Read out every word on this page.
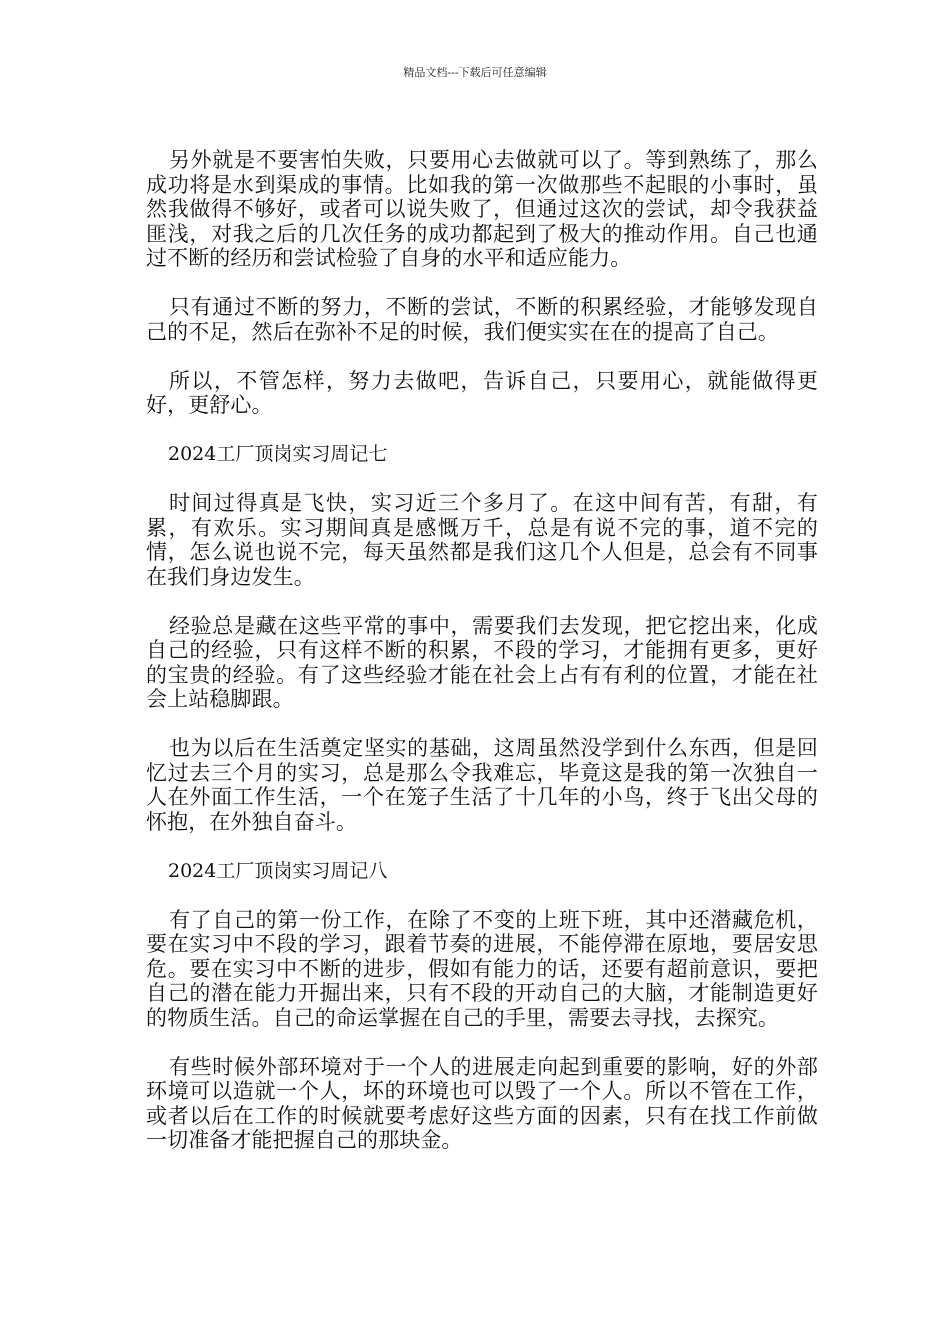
精品文档---下载后可任意编辑

另外就是不要害怕失败，只要用心去做就可以了。等到熟练了，那么成功将是水到渠成的事情。比如我的第一次做那些不起眼的小事时，虽然我做得不够好，或者可以说失败了，但通过这次的尝试，却令我获益匪浅，对我之后的几次任务的成功都起到了极大的推动作用。自己也通过不断的经历和尝试检验了自身的水平和适应能力。

只有通过不断的努力，不断的尝试，不断的积累经验，才能够发现自己的不足，然后在弥补不足的时候，我们便实实在在的提高了自己。

所以，不管怎样，努力去做吧，告诉自己，只要用心，就能做得更好，更舒心。

2024工厂顶岗实习周记七

时间过得真是飞快，实习近三个多月了。在这中间有苦，有甜，有累，有欢乐。实习期间真是感慨万千，总是有说不完的事，道不完的情，怎么说也说不完，每天虽然都是我们这几个人但是，总会有不同事在我们身边发生。

经验总是藏在这些平常的事中，需要我们去发现，把它挖出来，化成自己的经验，只有这样不断的积累，不段的学习，才能拥有更多，更好的宝贵的经验。有了这些经验才能在社会上占有有利的位置，才能在社会上站稳脚跟。

也为以后在生活奠定坚实的基础，这周虽然没学到什么东西，但是回忆过去三个月的实习，总是那么令我难忘，毕竟这是我的第一次独自一人在外面工作生活，一个在笼子生活了十几年的小鸟，终于飞出父母的怀抱，在外独自奋斗。

2024工厂顶岗实习周记八

有了自己的第一份工作，在除了不变的上班下班，其中还潜藏危机，要在实习中不段的学习，跟着节奏的进展，不能停滞在原地，要居安思危。要在实习中不断的进步，假如有能力的话，还要有超前意识，要把自己的潜在能力开掘出来，只有不段的开动自己的大脑，才能制造更好的物质生活。自己的命运掌握在自己的手里，需要去寻找，去探究。

有些时候外部环境对于一个人的进展走向起到重要的影响，好的外部环境可以造就一个人，坏的环境也可以毁了一个人。所以不管在工作，或者以后在工作的时候就要考虑好这些方面的因素，只有在找工作前做一切准备才能把握自己的那块金。
